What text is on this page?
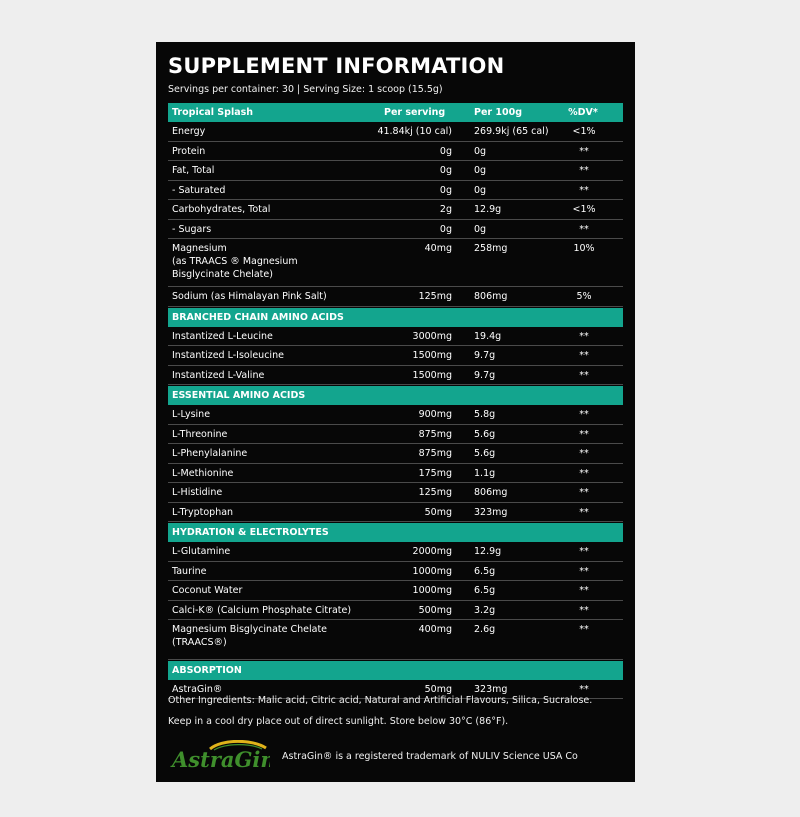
SUPPLEMENT INFORMATION
Servings per container: 30 | Serving Size: 1 scoop (15.5g)
Tropical Splash	Per serving	Per 100g	%DV*
Energy	41.84kj (10 cal) 269.9kj (65 cal)	<1%
Protein	0g 0g	**
Fat, Total	0g 0g	**
- Saturated	0g 0g	**
Carbohydrates, Total	2g 12.9g	<1%
- Sugars	0g 0g	**
Magnesium
(as TRAACS ® Magnesium
Bisglycinate Chelate)
40mg 258mg	10%
Sodium (as Himalayan Pink Salt)	125mg 806mg	5%
BRANCHED CHAIN AMINO ACIDS
Instantized L-Leucine	3000mg 19.4g	**
Instantized L-Isoleucine	1500mg 9.7g	**
Instantized L-Valine	1500mg 9.7g	**
ESSENTIAL AMINO ACIDS
L-Lysine	900mg 5.8g	**
L-Threonine	875mg 5.6g	**
L-Phenylalanine	875mg 5.6g	**
L-Methionine	175mg 1.1g	**
L-Histidine	125mg 806mg	**
L-Tryptophan	50mg 323mg	**
HYDRATION & ELECTROLYTES
L-Glutamine	2000mg 12.9g	**
Taurine	1000mg 6.5g	**
Coconut Water	1000mg 6.5g	**
Calci-K® (Calcium Phosphate Citrate)	500mg 3.2g	**
Magnesium Bisglycinate Chelate
(TRAACS®)
400mg 2.6g	**
ABSORPTION
AstraGin®	50mg 323mg	**
Other Ingredients: Malic acid, Citric acid, Natural and Artificial Flavours, Silica, Sucralose.
Keep in a cool dry place out of direct sunlight. Store below 30°C (86°F).
AstraGin AstraGin® is a registered trademark of NULIV Science USA Co
